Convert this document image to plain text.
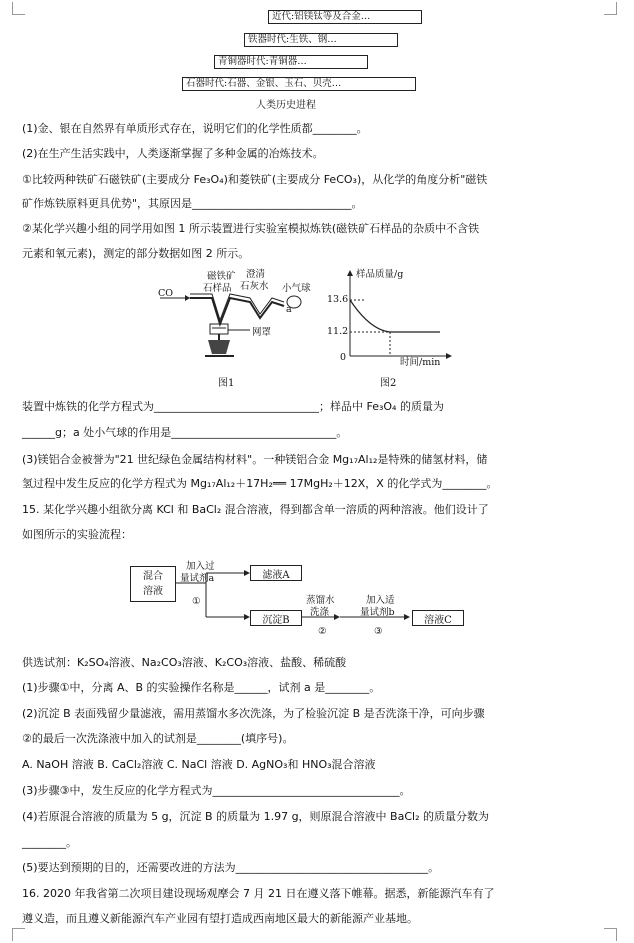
近代:铝镁钛等及合金…
铁器时代:生铁、钢…
青铜器时代:青铜器…
石器时代:石器、金银、玉石、贝壳…
人类历史进程
(1)金、银在自然界有单质形式存在，说明它们的化学性质都________。
(2)在生产生活实践中，人类逐渐掌握了多种金属的冶炼技术。
①比较两种铁矿石磁铁矿(主要成分 Fe₃O₄)和菱铁矿(主要成分 FeCO₃)，从化学的角度分析"磁铁
矿作炼铁原料更具优势"，其原因是_____________________________。
②某化学兴趣小组的同学用如图 1 所示装置进行实验室模拟炼铁(磁铁矿石样品的杂质中不含铁
元素和氧元素)，测定的部分数据如图 2 所示。
CO
磁铁矿
石样品
澄清
石灰水 小气球
a
网罩
图1
样品质量/g
13.6
11.2
0	时间/min
图2
装置中炼铁的化学方程式为______________________________；样品中 Fe₃O₄ 的质量为
______g；a 处小气球的作用是______________________________。
(3)镁铝合金被誉为"21 世纪绿色金属结构材料"。一种镁铝合金 Mg₁₇Al₁₂是特殊的储氢材料，储
氢过程中发生反应的化学方程式为 Mg₁₇Al₁₂＋17H₂══ 17MgH₂＋12X，X 的化学式为________。
15. 某化学兴趣小组欲分离 KCl 和 BaCl₂ 混合溶液，得到都含单一溶质的两种溶液。他们设计了
如图所示的实验流程：
混合
溶液
加入过
量试剂a
①
滤液A
沉淀B
蒸馏水
洗涤
②
加入适
量试剂b
③
溶液C
供选试剂：K₂SO₄溶液、Na₂CO₃溶液、K₂CO₃溶液、盐酸、稀硫酸
(1)步骤①中，分离 A、B 的实验操作名称是______，试剂 a 是________。
(2)沉淀 B 表面残留少量滤液，需用蒸馏水多次洗涤，为了检验沉淀 B 是否洗涤干净，可向步骤
②的最后一次洗涤液中加入的试剂是________(填序号)。
A. NaOH 溶液 B. CaCl₂溶液 C. NaCl 溶液 D. AgNO₃和 HNO₃混合溶液
(3)步骤③中，发生反应的化学方程式为__________________________________。
(4)若原混合溶液的质量为 5 g，沉淀 B 的质量为 1.97 g，则原混合溶液中 BaCl₂ 的质量分数为
________。
(5)要达到预期的目的，还需要改进的方法为___________________________________。
16. 2020 年我省第二次项目建设现场观摩会 7 月 21 日在遵义落下帷幕。据悉，新能源汽车有了
遵义造，而且遵义新能源汽车产业园有望打造成西南地区最大的新能源产业基地。
